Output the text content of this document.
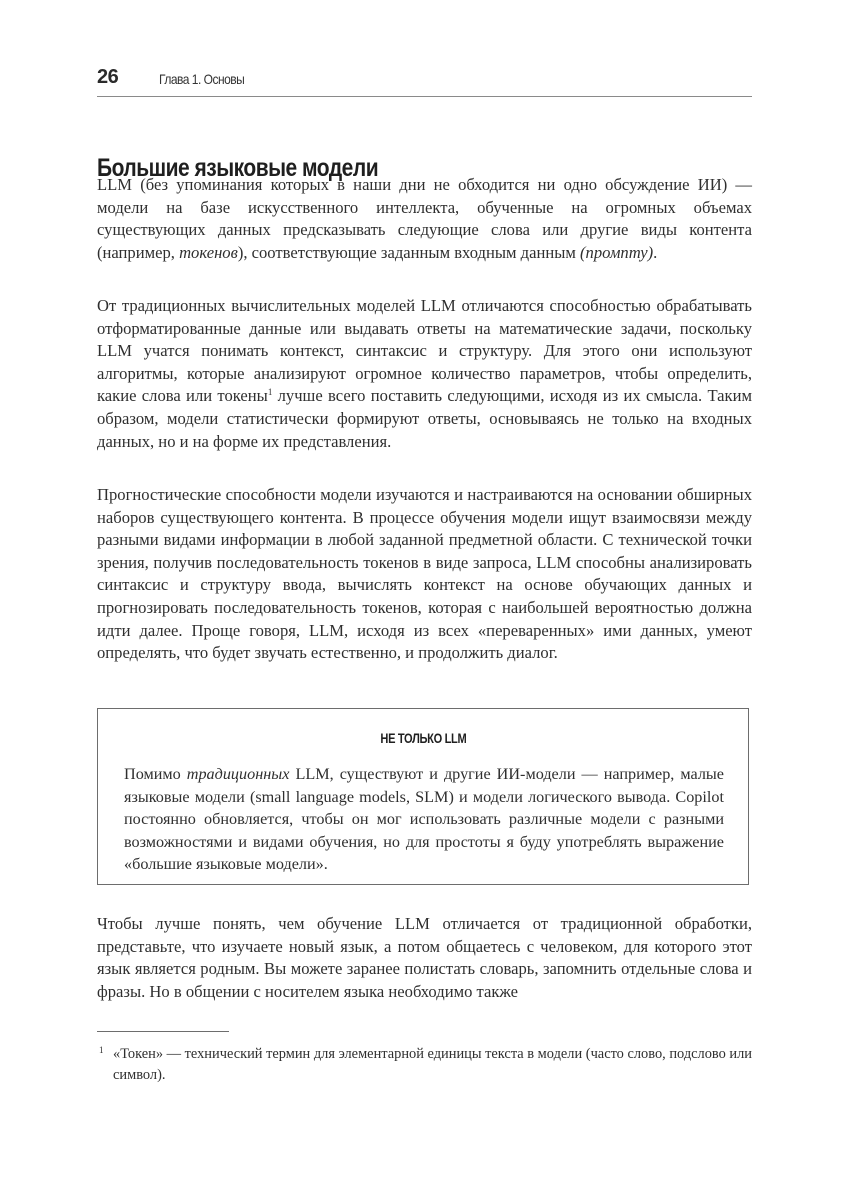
26	Глава 1. Основы
Большие языковые модели

LLM (без упоминания которых в наши дни не обходится ни одно обсуждение ИИ) — модели на базе искусственного интеллекта, обученные на огромных объемах существующих данных предсказывать следующие слова или другие виды контента (например, токенов), соответствующие заданным входным данным (промпту).

От традиционных вычислительных моделей LLM отличаются способностью обрабатывать отформатированные данные или выдавать ответы на математические задачи, поскольку LLM учатся понимать контекст, синтаксис и структуру. Для этого они используют алгоритмы, которые анализируют огромное количество параметров, чтобы определить, какие слова или токены$^1$ лучше всего поставить следующими, исходя из их смысла. Таким образом, модели статистически формируют ответы, основываясь не только на входных данных, но и на форме их представления.

Прогностические способности модели изучаются и настраиваются на основании обширных наборов существующего контента. В процессе обучения модели ищут взаимосвязи между разными видами информации в любой заданной предметной области. С технической точки зрения, получив последовательность токенов в виде запроса, LLM способны анализировать синтаксис и структуру ввода, вычислять контекст на основе обучающих данных и прогнозировать последовательность токенов, которая с наибольшей вероятностью должна идти далее. Проще говоря, LLM, исходя из всех «переваренных» ими данных, умеют определять, что будет звучать естественно, и продолжить диалог.

НЕ ТОЛЬКО LLM

Помимо традиционных LLM, существуют и другие ИИ-модели — например, малые языковые модели (small language models, SLM) и модели логического вывода. Copilot постоянно обновляется, чтобы он мог использовать различные модели с разными возможностями и видами обучения, но для простоты я буду употреблять выражение «большие языковые модели».

Чтобы лучше понять, чем обучение LLM отличается от традиционной обработки, представьте, что изучаете новый язык, а потом общаетесь с человеком, для которого этот язык является родным. Вы можете заранее полистать словарь, запомнить отдельные слова и фразы. Но в общении с носителем языка необходимо также

1 «Токен» — технический термин для элементарной единицы текста в модели (часто слово, подслово или символ).
